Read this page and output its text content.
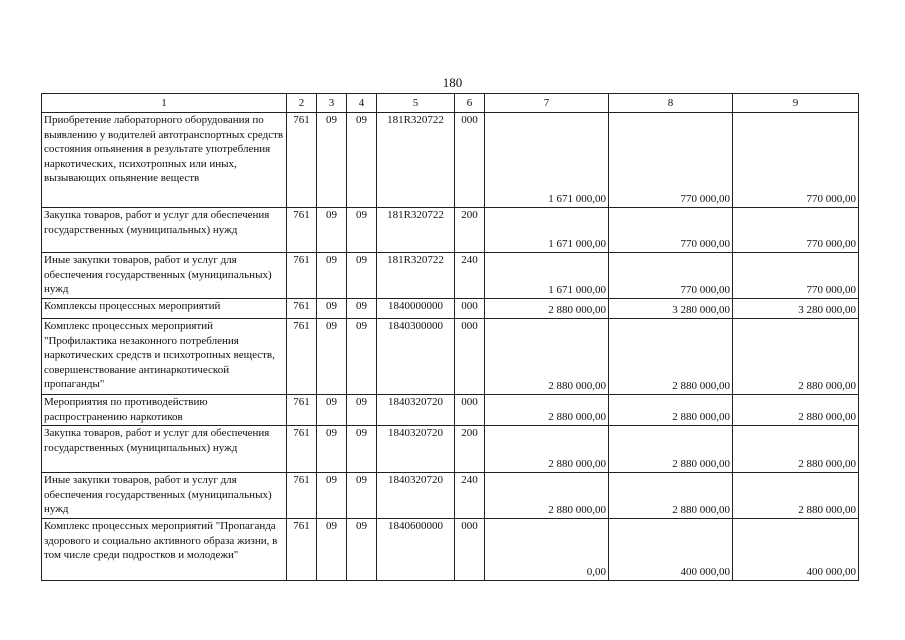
180
1	2	3	4	5	6	7	8	9
Приобретение лабораторного оборудования по выявлению у водителей автотранспортных средств состояния опьянения в результате употребления наркотических, психотропных или иных, вызывающих опьянение веществ	761	09	09	181R320722	000	1 671 000,00	770 000,00	770 000,00
Закупка товаров, работ и услуг для обеспечения государственных (муниципальных) нужд	761	09	09	181R320722	200	1 671 000,00	770 000,00	770 000,00
Иные закупки товаров, работ и услуг для обеспечения государственных (муниципальных) нужд	761	09	09	181R320722	240	1 671 000,00	770 000,00	770 000,00
Комплексы процессных мероприятий	761	09	09	1840000000	000	2 880 000,00	3 280 000,00	3 280 000,00
Комплекс процессных мероприятий "Профилактика незаконного потребления наркотических средств и психотропных веществ, совершенствование антинаркотической пропаганды"	761	09	09	1840300000	000	2 880 000,00	2 880 000,00	2 880 000,00
Мероприятия по противодействию распространению наркотиков	761	09	09	1840320720	000	2 880 000,00	2 880 000,00	2 880 000,00
Закупка товаров, работ и услуг для обеспечения государственных (муниципальных) нужд	761	09	09	1840320720	200	2 880 000,00	2 880 000,00	2 880 000,00
Иные закупки товаров, работ и услуг для обеспечения государственных (муниципальных) нужд	761	09	09	1840320720	240	2 880 000,00	2 880 000,00	2 880 000,00
Комплекс процессных мероприятий "Пропаганда здорового и социально активного образа жизни, в том числе среди подростков и молодежи"	761	09	09	1840600000	000	0,00	400 000,00	400 000,00
